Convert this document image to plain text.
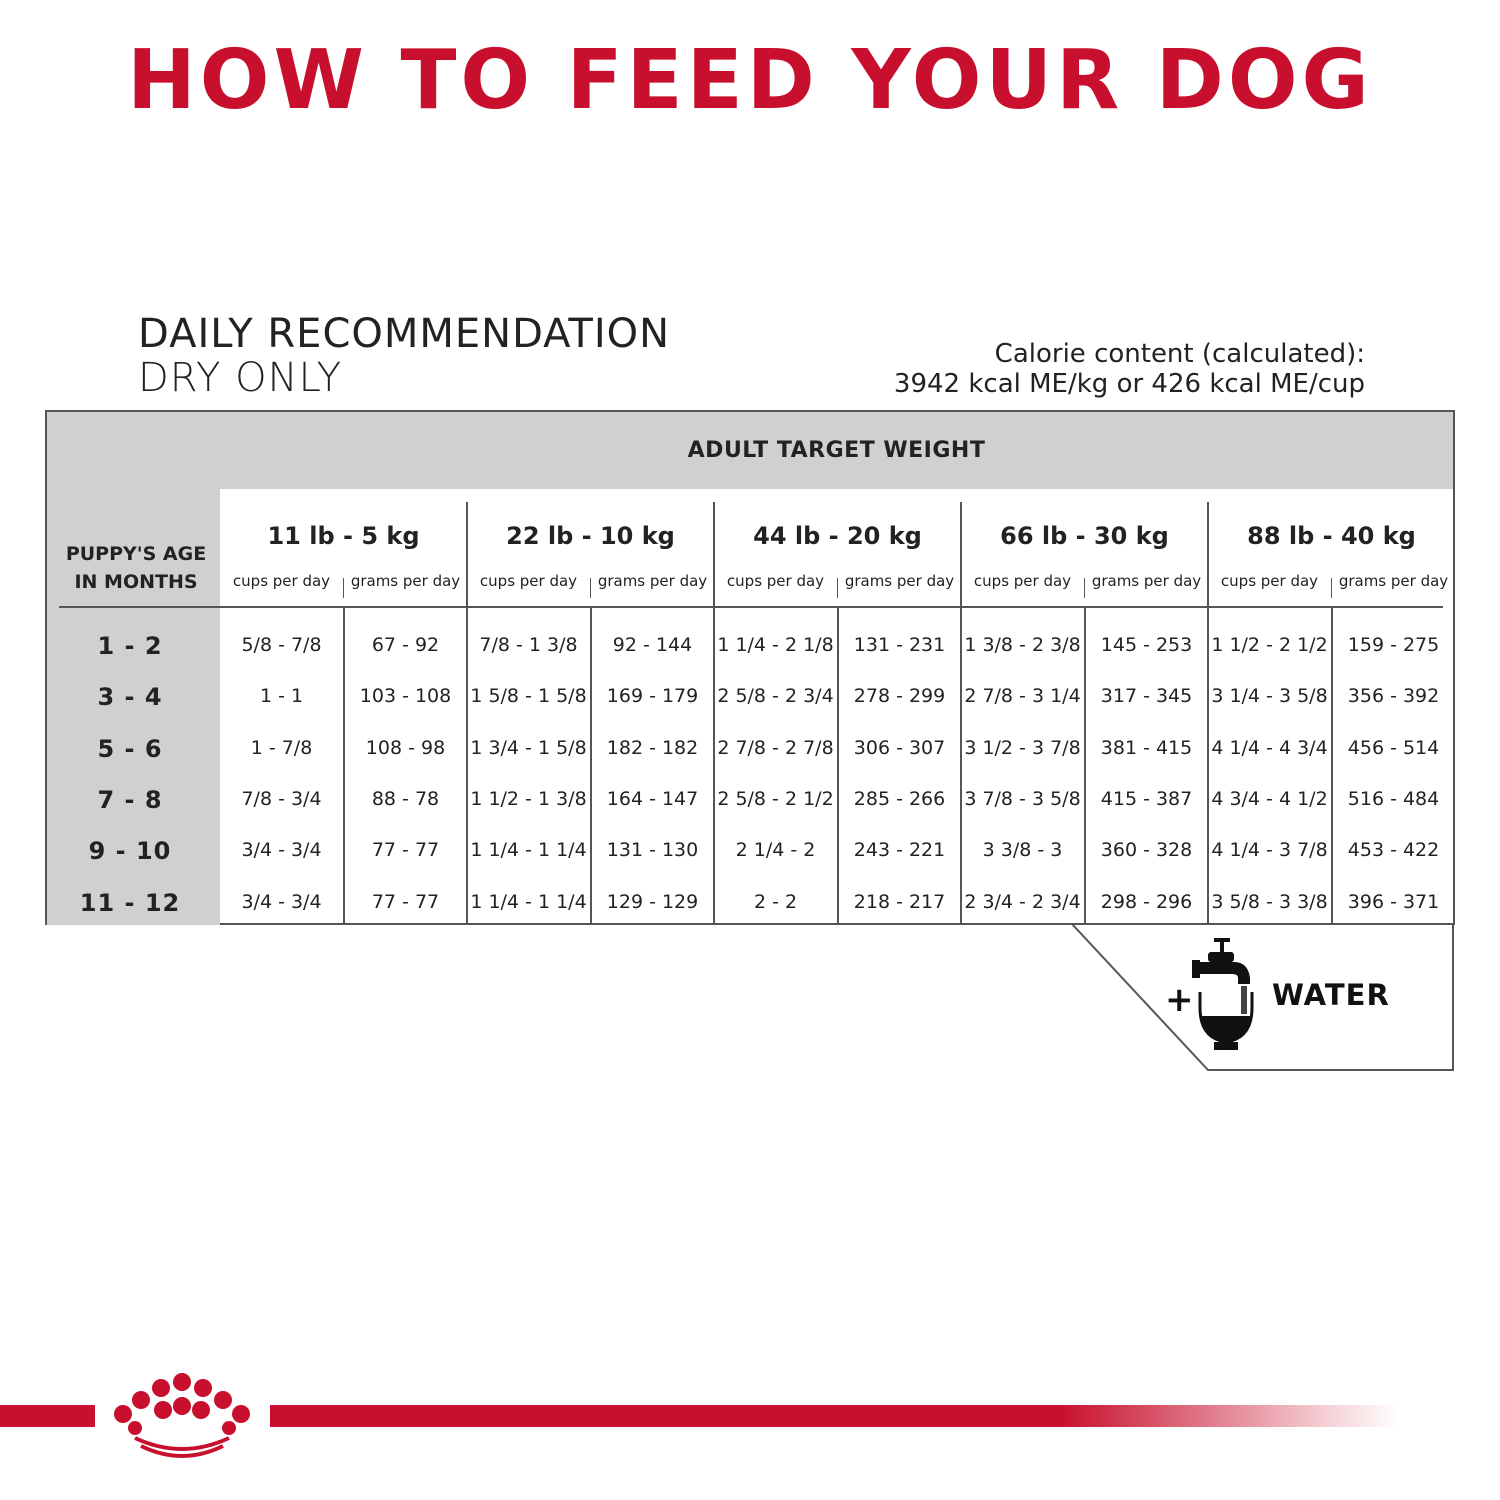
HOW TO FEED YOUR DOG
DAILY RECOMMENDATION
DRY ONLY
Calorie content (calculated):
3942 kcal ME/kg or 426 kcal ME/cup
ADULT TARGET WEIGHT
PUPPY'S AGE
IN MONTHS
11 lb - 5 kg
cups per day	grams per day
22 lb - 10 kg
cups per day	grams per day
44 lb - 20 kg
cups per day	grams per day
66 lb - 30 kg
cups per day	grams per day
88 lb - 40 kg
cups per day	grams per day
1 - 2	5/8 - 7/8	67 - 92	7/8 - 1 3/8	92 - 144	1 1/4 - 2 1/8	131 - 231	1 3/8 - 2 3/8	145 - 253	1 1/2 - 2 1/2	159 - 275
3 - 4	1 - 1	103 - 108	1 5/8 - 1 5/8	169 - 179	2 5/8 - 2 3/4	278 - 299	2 7/8 - 3 1/4	317 - 345	3 1/4 - 3 5/8	356 - 392
5 - 6	1 - 7/8	108 - 98	1 3/4 - 1 5/8	182 - 182	2 7/8 - 2 7/8	306 - 307	3 1/2 - 3 7/8	381 - 415	4 1/4 - 4 3/4	456 - 514
7 - 8	7/8 - 3/4	88 - 78	1 1/2 - 1 3/8	164 - 147	2 5/8 - 2 1/2	285 - 266	3 7/8 - 3 5/8	415 - 387	4 3/4 - 4 1/2	516 - 484
9 - 10	3/4 - 3/4	77 - 77	1 1/4 - 1 1/4	131 - 130	2 1/4 - 2	243 - 221	3 3/8 - 3	360 - 328	4 1/4 - 3 7/8	453 - 422
11 - 12	3/4 - 3/4	77 - 77	1 1/4 - 1 1/4	129 - 129	2 - 2	218 - 217	2 3/4 - 2 3/4	298 - 296	3 5/8 - 3 3/8	396 - 371
+	WATER
